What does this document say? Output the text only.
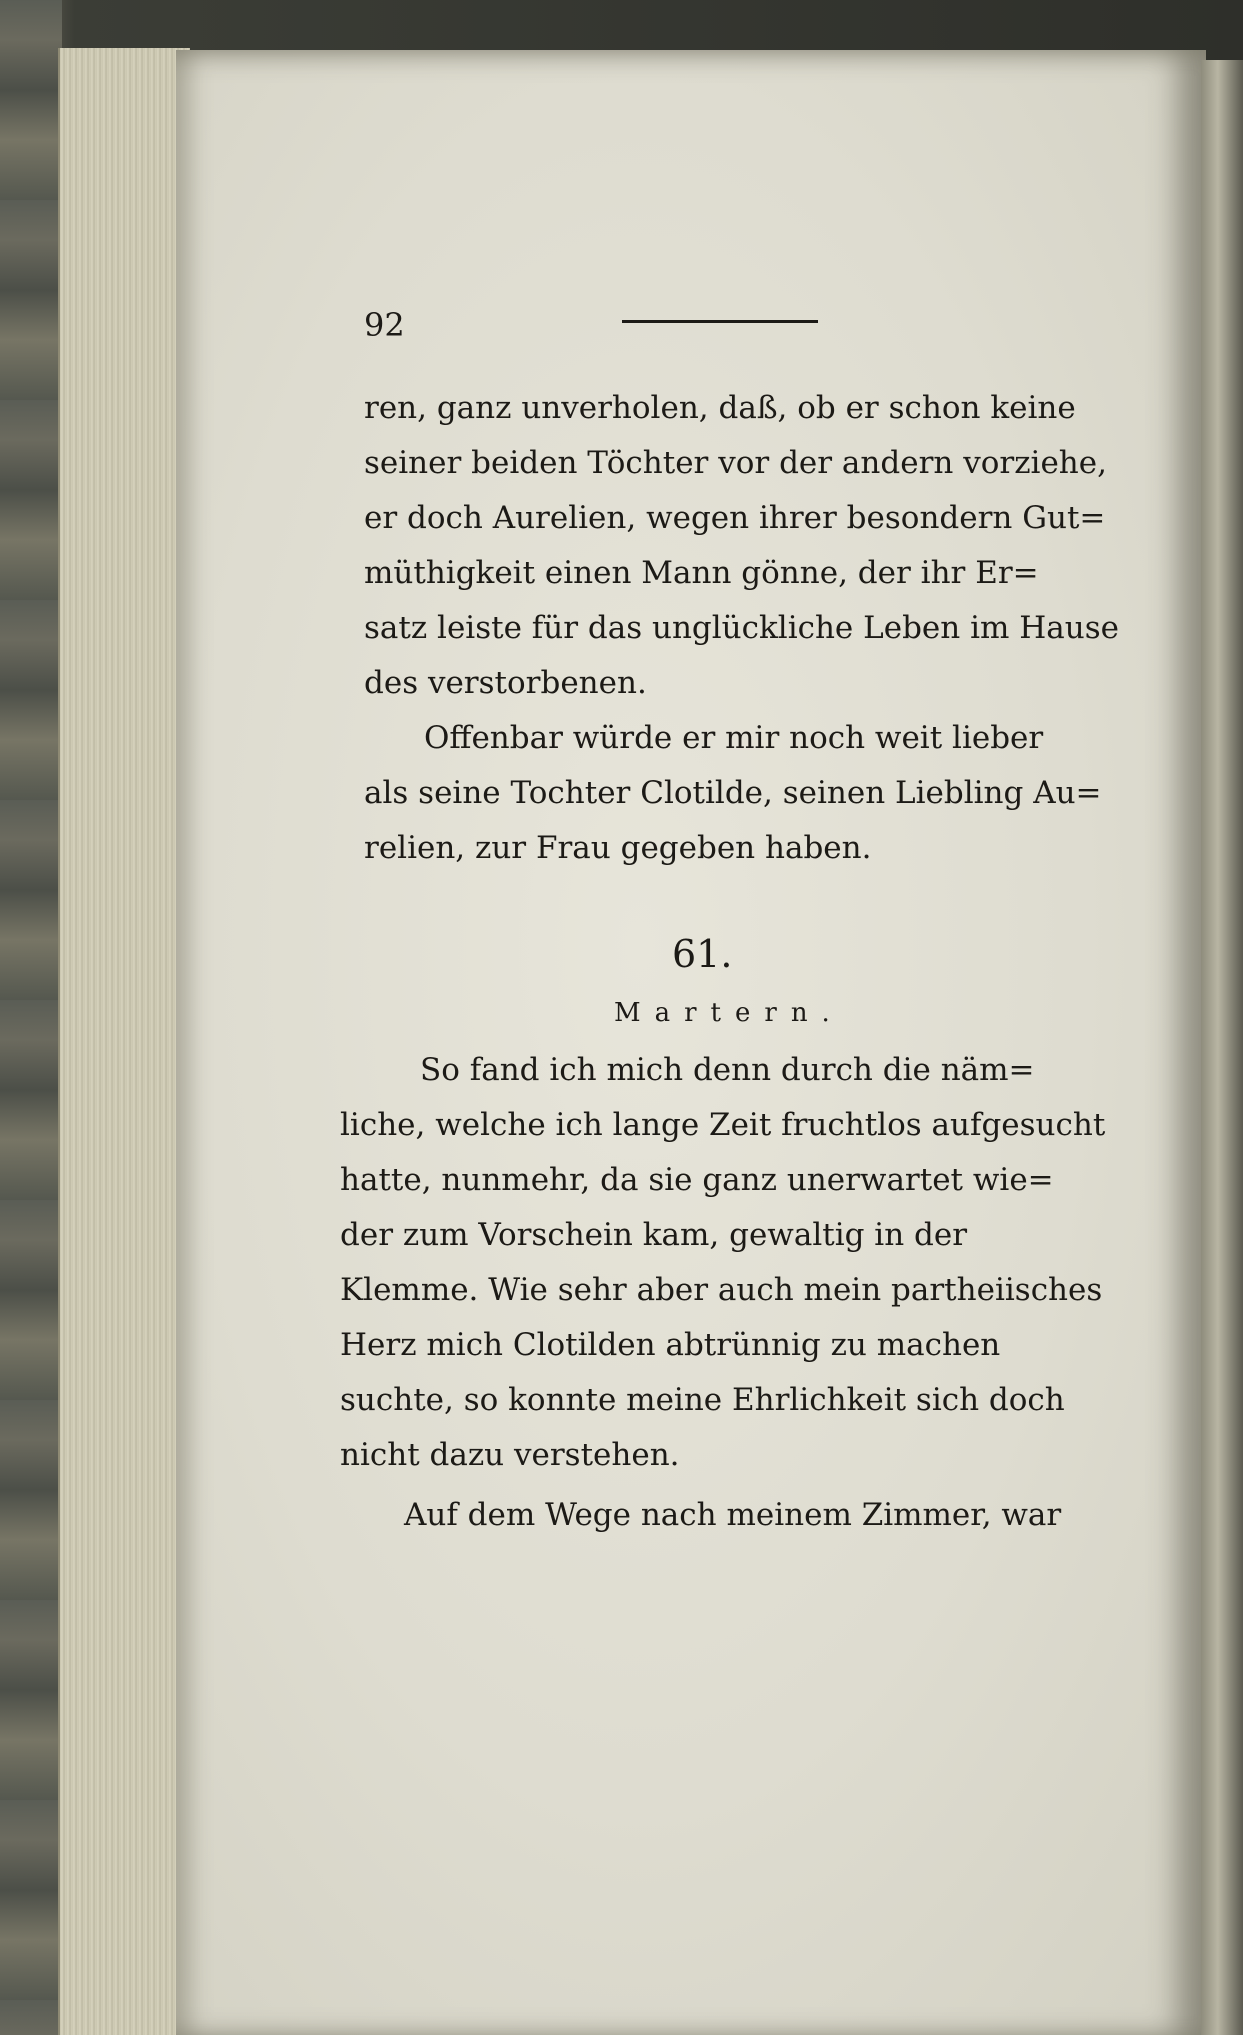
92
ren, ganz unverholen, daß, ob er schon keine
seiner beiden Töchter vor der andern vorziehe,
er doch Aurelien, wegen ihrer besondern Gut=
müthigkeit einen Mann gönne, der ihr Er=
satz leiste für das unglückliche Leben im Hause
des verstorbenen.
Offenbar würde er mir noch weit lieber
als seine Tochter Clotilde, seinen Liebling Au=
relien, zur Frau gegeben haben.
61.
Martern.
So fand ich mich denn durch die näm=
liche, welche ich lange Zeit fruchtlos aufgesucht
hatte, nunmehr, da sie ganz unerwartet wie=
der zum Vorschein kam, gewaltig in der
Klemme. Wie sehr aber auch mein partheiisches
Herz mich Clotilden abtrünnig zu machen
suchte, so konnte meine Ehrlichkeit sich doch
nicht dazu verstehen.
Auf dem Wege nach meinem Zimmer, war
